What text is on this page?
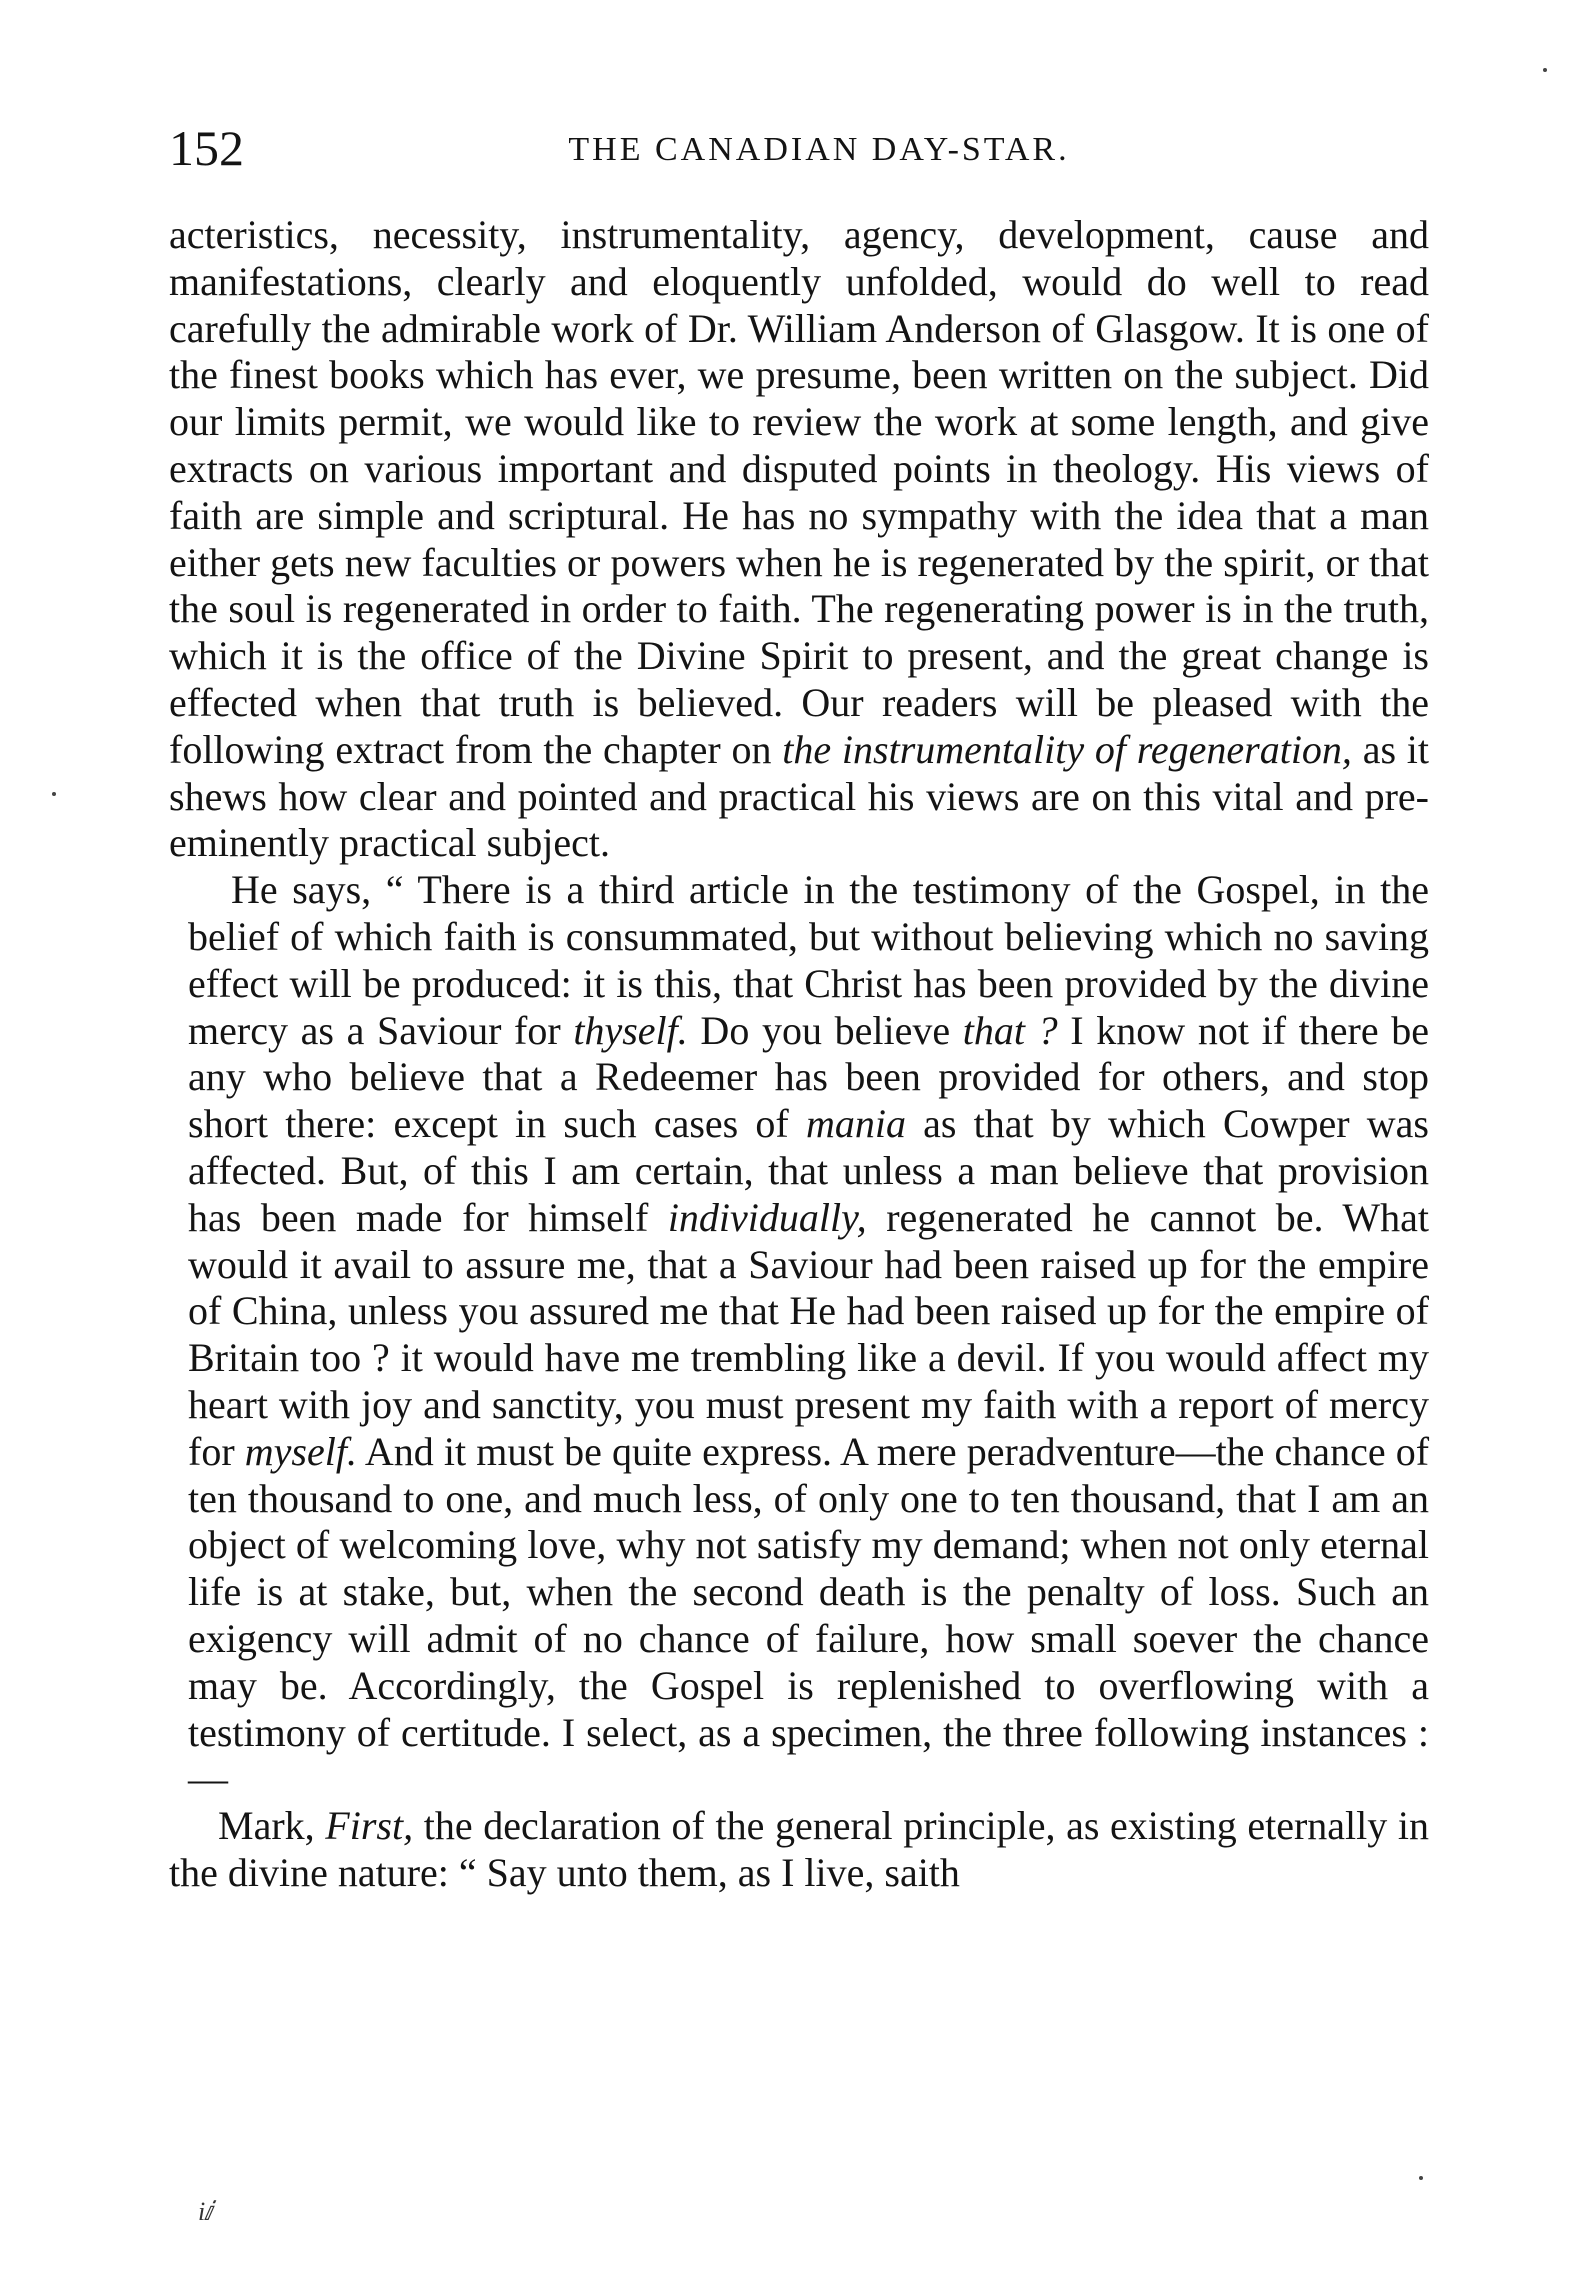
152	THE CANADIAN DAY-STAR.

acteristics, necessity, instrumentality, agency, development, cause and manifestations, clearly and eloquently unfolded, would do well to read carefully the admirable work of Dr. William Anderson of Glasgow. It is one of the finest books which has ever, we presume, been written on the subject. Did our limits permit, we would like to review the work at some length, and give extracts on various important and disputed points in theology. His views of faith are simple and scriptural. He has no sympathy with the idea that a man either gets new faculties or powers when he is regenerated by the spirit, or that the soul is regenerated in order to faith. The regenerating power is in the truth, which it is the office of the Divine Spirit to present, and the great change is effected when that truth is believed. Our readers will be pleased with the following extract from the chapter on the instrumentality of regeneration, as it shews how clear and pointed and practical his views are on this vital and pre-eminently practical subject.

He says, “ There is a third article in the testimony of the Gospel, in the belief of which faith is consummated, but without believing which no saving effect will be produced: it is this, that Christ has been provided by the divine mercy as a Saviour for thyself. Do you believe that ? I know not if there be any who believe that a Redeemer has been provided for others, and stop short there: except in such cases of mania as that by which Cowper was affected. But, of this I am certain, that unless a man believe that provision has been made for himself individually, regenerated he cannot be. What would it avail to assure me, that a Saviour had been raised up for the empire of China, unless you assured me that He had been raised up for the empire of Britain too ? it would have me trembling like a devil. If you would affect my heart with joy and sanctity, you must present my faith with a report of mercy for myself. And it must be quite express. A mere peradventure—the chance of ten thousand to one, and much less, of only one to ten thousand, that I am an object of welcoming love, why not satisfy my demand; when not only eternal life is at stake, but, when the second death is the penalty of loss. Such an exigency will admit of no chance of failure, how small soever the chance may be. Accordingly, the Gospel is replenished to overflowing with a testimony of certitude. I select, as a specimen, the three following instances :—

Mark, First, the declaration of the general principle, as existing eternally in the divine nature: “ Say unto them, as I live, saith

iⅈ
